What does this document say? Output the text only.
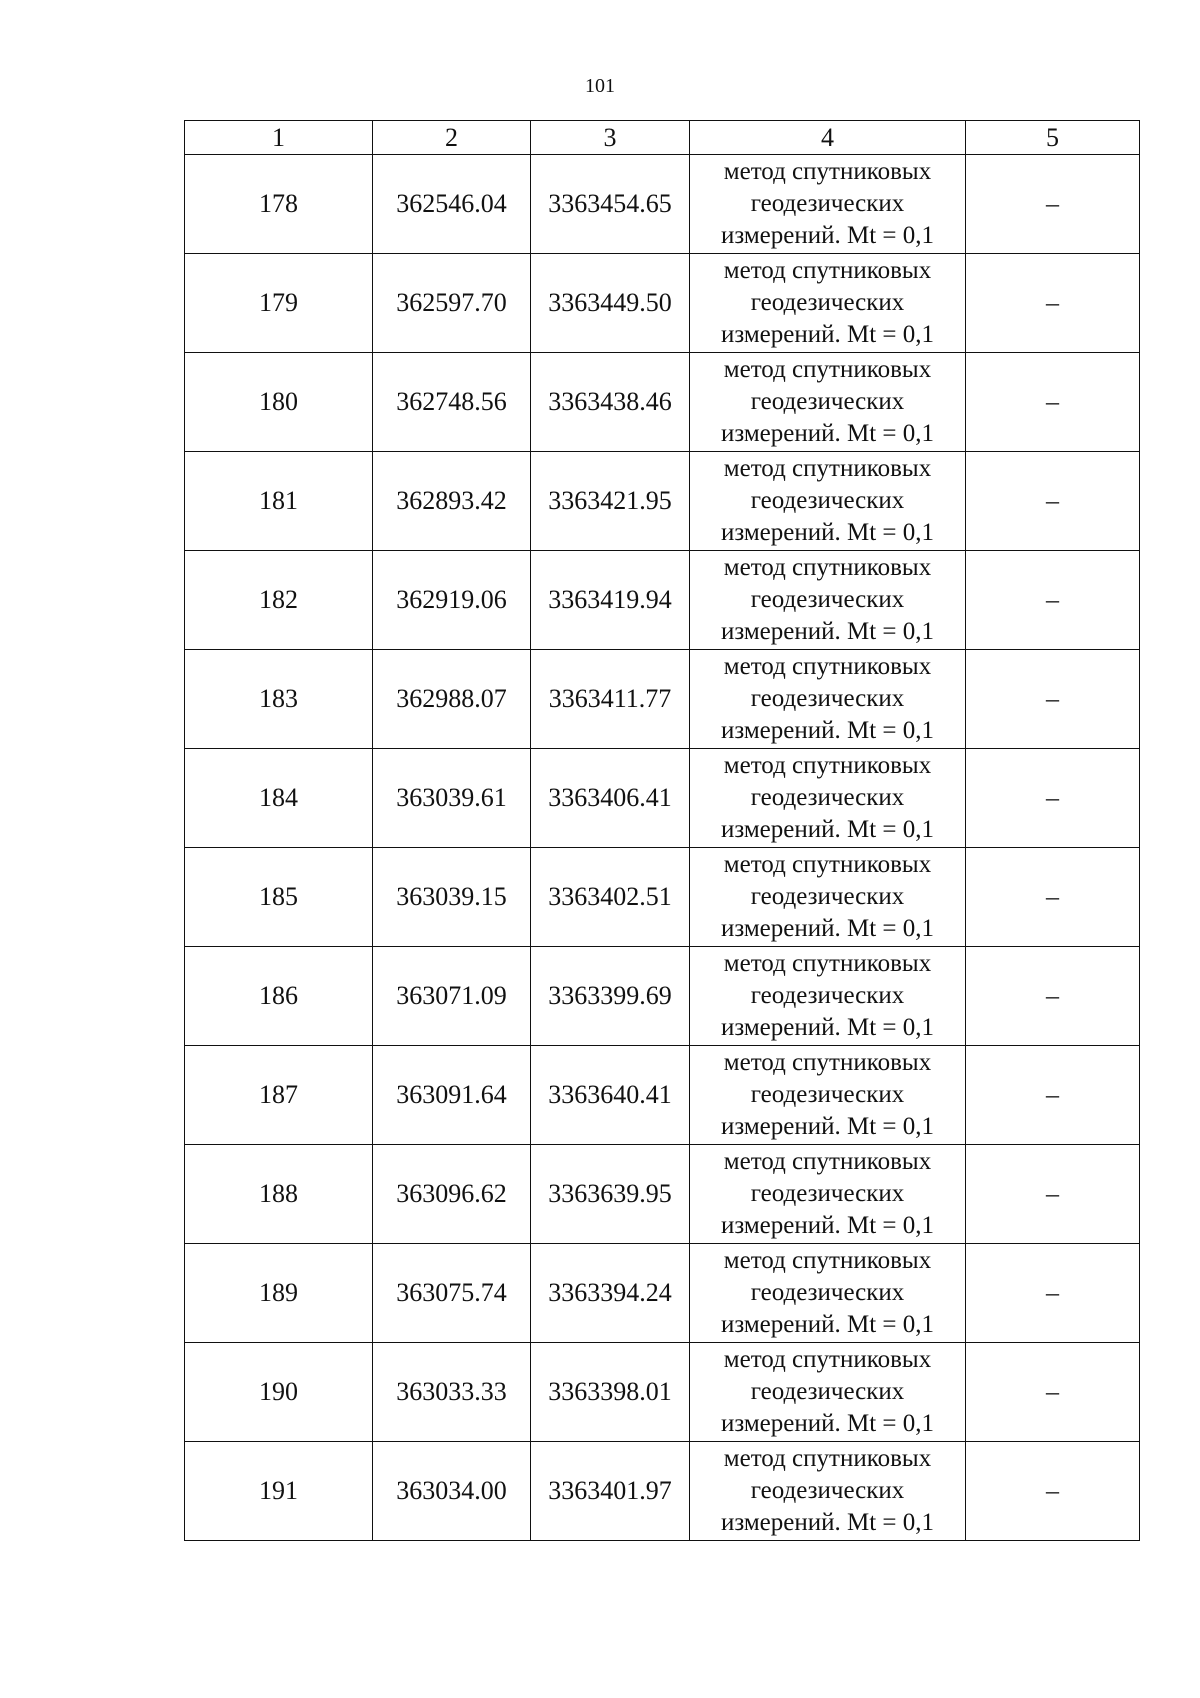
101
1	2	3	4	5
178	362546.04	3363454.65	метод спутниковых
геодезических
измерений. Mt = 0,1	–
179	362597.70	3363449.50	метод спутниковых
геодезических
измерений. Mt = 0,1	–
180	362748.56	3363438.46	метод спутниковых
геодезических
измерений. Mt = 0,1	–
181	362893.42	3363421.95	метод спутниковых
геодезических
измерений. Mt = 0,1	–
182	362919.06	3363419.94	метод спутниковых
геодезических
измерений. Mt = 0,1	–
183	362988.07	3363411.77	метод спутниковых
геодезических
измерений. Mt = 0,1	–
184	363039.61	3363406.41	метод спутниковых
геодезических
измерений. Mt = 0,1	–
185	363039.15	3363402.51	метод спутниковых
геодезических
измерений. Mt = 0,1	–
186	363071.09	3363399.69	метод спутниковых
геодезических
измерений. Mt = 0,1	–
187	363091.64	3363640.41	метод спутниковых
геодезических
измерений. Mt = 0,1	–
188	363096.62	3363639.95	метод спутниковых
геодезических
измерений. Mt = 0,1	–
189	363075.74	3363394.24	метод спутниковых
геодезических
измерений. Mt = 0,1	–
190	363033.33	3363398.01	метод спутниковых
геодезических
измерений. Mt = 0,1	–
191	363034.00	3363401.97	метод спутниковых
геодезических
измерений. Mt = 0,1	–
